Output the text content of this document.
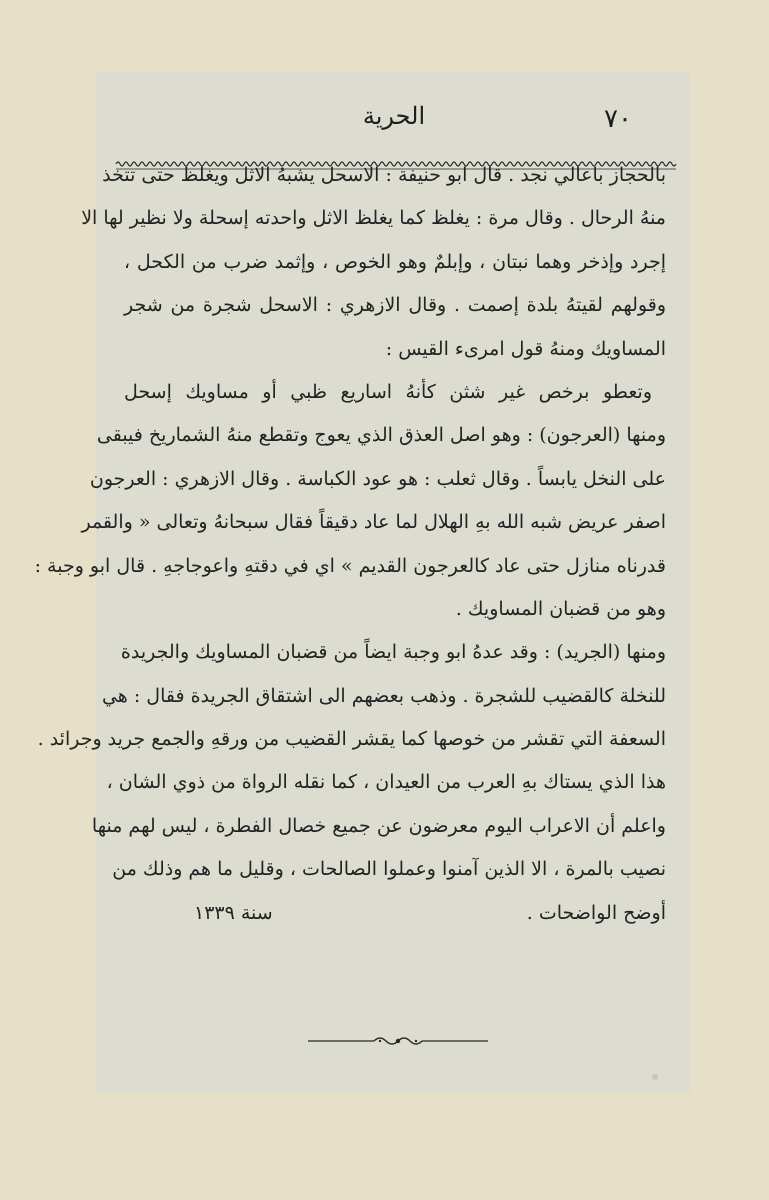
٧٠
الحرية
بالحجاز باعالي نجد . قال ابو حنيفة : الاسحل يشبهُ الاثل ويغلظ حتى تتخذ
منهُ الرحال . وقال مرة : يغلظ كما يغلظ الاثل واحدته إسحلة ولا نظير لها الا
إجرد وإذخر وهما نبتان ، وإبلمٌ وهو الخوص ، وإثمد ضرب من الكحل ،
وقولهم لقيتهُ بلدة إصمت . وقال الازهري : الاسحل شجرة من شجر
المساويك ومنهُ قول امرىء القيس :
وتعطو برخص غير شثن كأنهُ اساريع ظبي أو مساويك إسحل
ومنها (العرجون) : وهو اصل العذق الذي يعوج وتقطع منهُ الشماريخ فيبقى
على النخل يابساً . وقال ثعلب : هو عود الكباسة . وقال الازهري : العرجون
اصفر عريض شبه الله بهِ الهلال لما عاد دقيقاً فقال سبحانهُ وتعالى « والقمر
قدرناه منازل حتى عاد كالعرجون القديم » اي في دقتهِ واعوجاجهِ . قال ابو وجبة :
وهو من قضبان المساويك .
ومنها (الجريد) : وقد عدهُ ابو وجبة ايضاً من قضبان المساويك والجريدة
للنخلة كالقضيب للشجرة . وذهب بعضهم الى اشتقاق الجريدة فقال : هي
السعفة التي تقشر من خوصها كما يقشر القضيب من ورقهِ والجمع جريد وجرائد .
هذا الذي يستاك بهِ العرب من العيدان ، كما نقله الرواة من ذوي الشان ،
واعلم أن الاعراب اليوم معرضون عن جميع خصال الفطرة ، ليس لهم منها
نصيب بالمرة ، الا الذين آمنوا وعملوا الصالحات ، وقليل ما هم وذلك من
أوضح الواضحات .
سنة ١٣٣٩
